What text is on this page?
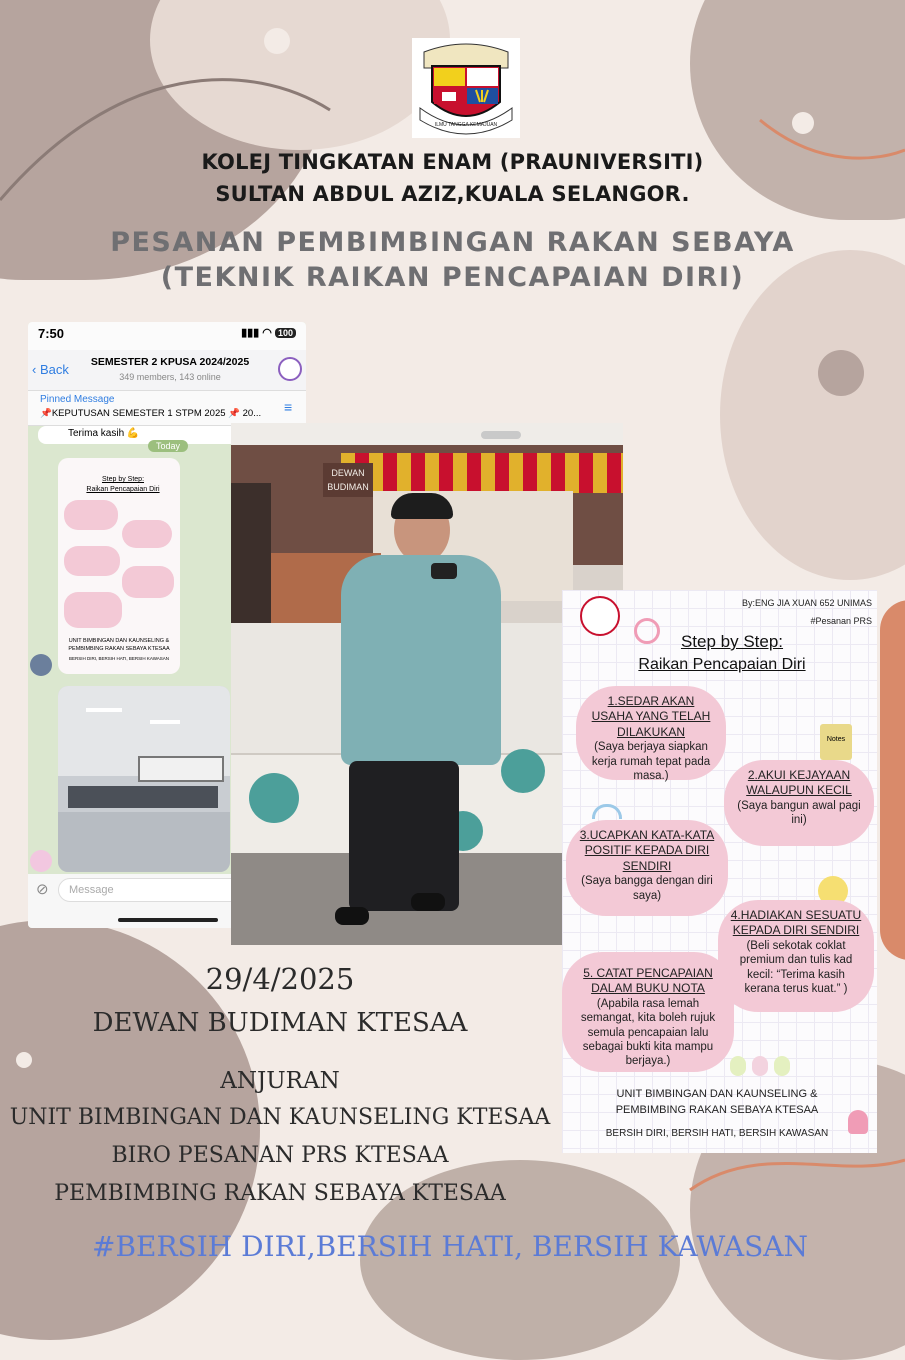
ILMU TANGGA KEMAJUAN
KOLEJ TINGKATAN ENAM (PRAUNIVERSITI)
SULTAN ABDUL AZIZ,KUALA SELANGOR.
PESANAN PEMBIMBINGAN RAKAN SEBAYA
(TEKNIK RAIKAN PENCAPAIAN DIRI)
7:50	▮▮▮ ◠ 100
‹ Back	SEMESTER 2 KPUSA 2024/2025
349 members, 143 online
Pinned Message
📌KEPUTUSAN SEMESTER 1 STPM 2025 📌 20...	≡
Terima kasih 💪
Today
Step by Step:
Raikan Pencapaian Diri
UNIT BIMBINGAN DAN KAUNSELING &
PEMBIMBING RAKAN SEBAYA KTESAA
BERSIH DIRI, BERSIH HATI, BERSIH KAWASAN
⊘	Message
DEWAN
BUDIMAN
By:ENG JIA XUAN 652 UNIMAS
#Pesanan PRS
Step by Step:
Raikan Pencapaian Diri
1.SEDAR AKAN USAHA YANG TELAH DILAKUKAN
(Saya berjaya siapkan kerja rumah tepat pada masa.)
Notes
2.AKUI KEJAYAAN WALAUPUN KECIL
(Saya bangun awal pagi ini)
3.UCAPKAN KATA-KATA POSITIF KEPADA DIRI SENDIRI
(Saya bangga dengan diri saya)
4.HADIAKAN SESUATU KEPADA DIRI SENDIRI
(Beli sekotak coklat premium dan tulis kad kecil: “Terima kasih kerana terus kuat.” )
5. CATAT PENCAPAIAN DALAM BUKU NOTA
(Apabila rasa lemah semangat, kita boleh rujuk semula pencapaian lalu sebagai bukti kita mampu berjaya.)
UNIT BIMBINGAN DAN KAUNSELING &
PEMBIMBING RAKAN SEBAYA KTESAA
BERSIH DIRI, BERSIH HATI, BERSIH KAWASAN
29/4/2025
DEWAN BUDIMAN KTESAA
ANJURAN
UNIT BIMBINGAN DAN KAUNSELING KTESAA
BIRO PESANAN PRS KTESAA
PEMBIMBING RAKAN SEBAYA KTESAA
#BERSIH DIRI,BERSIH HATI, BERSIH KAWASAN
